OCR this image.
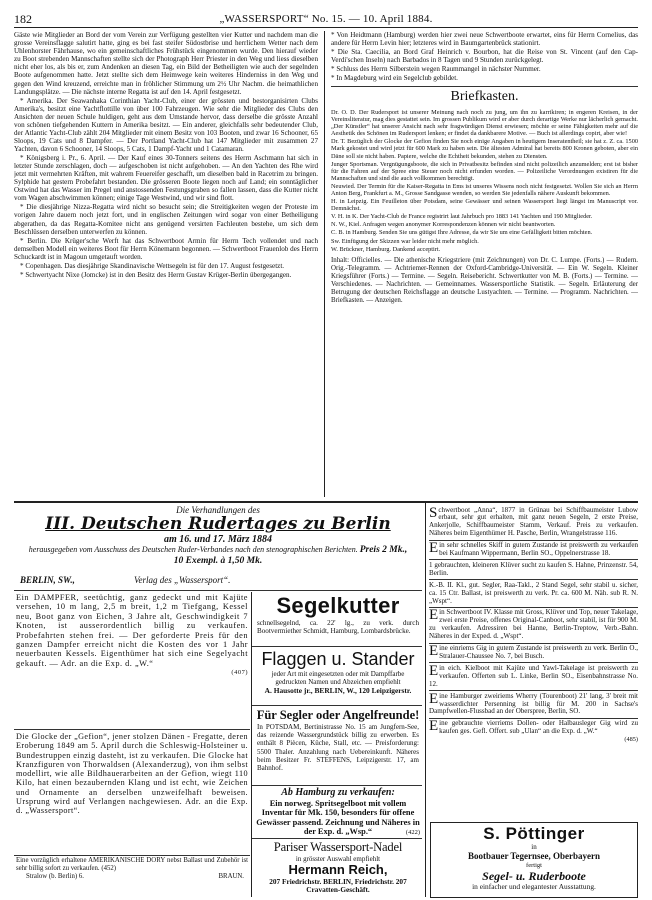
182	„WASSERSPORT“ No. 15. — 10. April 1884.

Gäste wie Mitglieder an Bord der vom Verein zur Verfügung gestellten vier Kutter und nachdem man die grosse Vereinsflagge salutirt hatte, ging es bei fast steifer Südostbrise und herrlichem Wetter nach dem Uhlenhorster Fährhause, wo ein gemeinschaftliches Frühstück eingenommen wurde. Den hierauf wieder zu Boot strebenden Mannschaften stellte sich der Photograph Herr Priester in den Weg und liess dieselben nicht eher los, als bis er, zum Andenken an diesen Tag, ein Bild der Betheiligten wie auch der segelnden Boote aufgenommen hatte. Jetzt stellte sich dem Heimwege kein weiteres Hinderniss in den Weg und gegen den Wind kreuzend, erreichte man in fröhlicher Stimmung um 2½ Uhr Nachm. die heimathlichen Landungsplätze. — Die nächste interne Regatta ist auf den 14. April festgesetzt.

* Amerika. Der Seawanhaka Corinthian Yacht-Club, einer der grössten und bestorganisirten Clubs Amerika's, besitzt eine Yachtflottille von über 100 Fahrzeugen. Wie sehr die Mitglieder des Clubs den Ansichten der neuen Schule huldigen, geht aus dem Umstande hervor, dass derselbe die grösste Anzahl von schönen tiefgehenden Kuttern in Amerika besitzt. — Ein anderer, gleichfalls sehr bedeutender Club, der Atlantic Yacht-Club zählt 204 Mitglieder mit einem Besitz von 103 Booten, und zwar 16 Schooner, 65 Sloops, 19 Cats und 8 Dampfer. — Der Portland Yacht-Club hat 147 Mitglieder mit zusammen 27 Yachten, davon 6 Schooner, 14 Sloops, 5 Cats, 1 Dampf-Yacht und 1 Catamaran.

* Königsberg i. Pr., 6. April. — Der Kauf eines 30-Tonners seitens des Herrn Aschmann hat sich in letzter Stunde zerschlagen, doch — aufgeschoben ist nicht aufgehoben. — An den Yachten des Rhe wird jetzt mit vermehrten Kräften, mit wahrem Feuereifer geschafft, um dieselben bald in Racetrim zu bringen. Sylphide hat gestern Probefahrt bestanden. Die grösseren Boote liegen noch auf Land; ein sonntäglicher Ostwind hat das Wasser im Pregel und anstossenden Festungsgraben so fallen lassen, dass die Kutter nicht vom Wagen abschwimmen können; einige Tage Westwind, und wir sind flott.

* Die diesjährige Nizza-Regatta wird nicht so besucht sein; die Streitigkeiten wegen der Proteste im vorigen Jahre dauern noch jetzt fort, und in englischen Zeitungen wird sogar von einer Betheiligung abgerathen, da das Regatta-Komitee nicht ans genügend versirten Fachleuten bestehe, um sich dem Beschlüssen derselben unterwerfen zu können.

* Berlin. Die Krüger'sche Werft hat das Schwertboot Armin für Herrn Tech vollendet und nach demselben Modell ein weiteres Boot für Herrn Könemann begonnen. — Schwertboot Frauenlob des Herrn Schuckardt ist in Magoun umgetauft worden.

* Copenhagen. Das diesjährige Skandinavische Wettsegeln ist für den 17. August festgesetzt.

* Schwertyacht Nixe (Jomcke) ist in den Besitz des Herrn Gustav Krüger-Berlin übergegangen.

* Von Heidtmann (Hamburg) werden hier zwei neue Schwertboote erwartet, eins für Herrn Cornelius, das andere für Herrn Levin hier; letzteres wird in Baumgartenbrück stationirt.

* Die Sta. Caecilia, an Bord Graf Heinrich v. Bourbon, hat die Reise von St. Vincent (auf den Cap-Verdi'schen Inseln) nach Barbados in 8 Tagen und 9 Stunden zurückgelegt.

* Schluss des Herrn Silberstein wegen Raummangel in nächster Nummer.

* In Magdeburg wird ein Segelclub gebildet.

Briefkasten.

Dr. O. D. Der Rudersport ist unserer Meinung nach noch zu jung, um ihn zu karrikiren; in engeren Kreisen, in der Vereinsliteratur, mag dies gestattet sein. Im grossen Publikum wird er aber durch derartige Werke nur lächerlich gemacht. „Der Künstler“ hat unserer Ansicht nach sehr fragwürdigen Dienst erwiesen; möchte er seine Fähigkeiten mehr auf die Aesthetik des Schönen im Rudersport lenken; er findet da dankbarere Motive. — Buch ist allerdings copirt, aber wie!

Dr. T. Bezüglich der Glocke der Gefion finden Sie noch einige Angaben in heutigem Inseratentheil; sie hat z. Z. ca. 1500 Mark gekostet und wird jetzt für 600 Mark zu haben sein. Die ältesten Admiral hat bereits 800 Kronen geboten, aber ein Däne soll sie nicht haben. Papiere, welche die Echtheit bekunden, stehen zu Diensten.

Junger Sportsman. Vergnügungsboote, die sich in Privatbesitz befinden sind nicht polizeilich anzumelden; erst ist bisher für die Fahren auf der Spree eine Steuer noch nicht erfunden worden. — Polizeiliche Verordnungen existiren für die Mannschaften und sind die auch vollkommen berechtigt.

Neuwied. Der Termin für die Kaiser-Regatta in Ems ist unseres Wissens noch nicht festgesetzt. Wollen Sie sich an Herrn Anton Berg, Frankfurt a. M., Grosse Sandgasse wenden, so werden Sie jedenfalls nähere Auskunft bekommen.

H. in Leipzig. Ein Feuilleton über Potsdam, seine Gewässer und seinen Wassersport liegt längst im Manuscript vor. Demnächst.

V. H. in K. Der Yacht-Club de France registrirt laut Jahrbuch pro 1883 141 Yachten und 190 Mitglieder.

N. W., Kiel. Anfragen wegen anonymer Korrespondenzen können wir nicht beantworten.

C. B. in Hamburg. Senden Sie uns gütigst Ihre Adresse, da wir Sie um eine Gefälligkeit bitten möchten.

Sw. Einfügung der Skizzen war leider nicht mehr möglich.

W. Brückner, Hamburg. Dankend acceptirt.

Inhalt: Officielles. — Die athenische Kriegstriere (mit Zeichnungen) von Dr. C. Lumpe. (Forts.) — Rudern. Orig.-Telegramm. — Achtriemer-Rennen der Oxford-Cambridge-Universität. — Ein W. Segeln. Kleiner Kriegsführer (Forts.) — Termine. — Segeln. Reisebericht. Schwertkutter von M. B. (Forts.) — Termine. — Verschiedenes. — Nachrichten. — Gemeinnames. Wassersportliche Statistik. — Segeln. Erläuterung der Betrugung der deutschen Reichsflagge an deutsche Lustyachten. — Termine. — Programm. Nachrichten. — Briefkasten. — Anzeigen.
Die Verhandlungen des
III. Deutschen Rudertages zu Berlin
am 16. und 17. März 1884
herausgegeben vom Ausschuss des Deutschen Ruder-Verbandes nach den stenographischen Berichten. Preis 2 Mk., 10 Exempl. à 1,50 Mk.
BERLIN, SW.,	Verlag des „Wassersport“.

Ein DAMPFER, seetüchtig, ganz gedeckt und mit Kajüte versehen, 10 m lang, 2,5 m breit, 1,2 m Tiefgang, Kessel neu, Boot ganz von Eichen, 3 Jahre alt, Geschwindigkeit 7 Knoten, ist ausserordentlich billig zu verkaufen. Probefahrten stehen frei. — Der geforderte Preis für den ganzen Dampfer erreicht nicht die Kosten des vor 1 Jahr neuerbauten Kessels. Eigenthümer hat sich eine Segelyacht gekauft. — Adr. an die Exp. d. „W.“

(407)

Die Glocke der „Gefion“, jener stolzen Dänen - Fregatte, deren Eroberung 1849 am 5. April durch die Schleswig-Holsteiner u. Bundestruppen einzig dasteht, ist zu verkaufen. Die Glocke hat Kranzfiguren von Thorwaldsen (Alexanderzug), von ihm selbst modellirt, wie alle Bildhauerarbeiten an der Gefion, wiegt 110 Kilo, hat einen bezaubernden Klang und ist echt, wie Zeichen und Ornamente an derselben unzweifelhaft beweisen. Ursprung wird auf Verlangen nachgewiesen. Adr. an die Exp. d. „Wassersport“.

Eine vorzüglich erhaltene AMERIKANISCHE DORY nebst Ballast und Zubehör ist sehr billig sofort zu verkaufen. (452)

Stralow (b. Berlin) 6.	BRAUN.
Segelkutter
schnellsegelnd, ca. 22' lg., zu verk. durch Bootvermiether Schmidt, Hamburg, Lombardsbrücke.
Flaggen u. Stander
jeder Art mit eingesetzten oder mit Dampffarbe gedruckten Namen und Abzeichen empfiehlt
A. Hausotte jr., BERLIN, W., 120 Leipzigerstr.
Für Segler oder Angelfreunde!
In POTSDAM, Bertinistrasse No. 15 am Jungfern-See, das reizende Wassergrundstück billig zu erwerben. Es enthält 8 Piècen, Küche, Stall, etc. — Preisforderung: 5500 Thaler. Anzahlung nach Uebereinkunft. Näheres beim Besitzer Fr. STEFFENS, Leipzigerstr. 17, am Bahnhof.
Ab Hamburg zu verkaufen:
Ein norweg. Spritsegelboot mit vollem Inventar für Mk. 150, besonders für offene Gewässer passend. Zeichnung und Näheres in der Exp. d. „Wsp.“	(422)
Pariser Wassersport-Nadel
in grösster Auswahl empfiehlt
Hermann Reich,
207 Friedrichstr. BERLIN, Friedrichstr. 207
Cravatten-Geschäft.
Schwertboot „Anna“, 1877 in Grünau bei Schiffbaumeister Lubow erbaut, sehr gut erhalten, mit ganz neuen Segeln, 2 erste Preise, Ankerjolle, Schiffbaumeister Stamm, Verkauf. Preis zu verkaufen. Näheres beim Eigenthümer H. Pasche, Berlin, Wrangelstrasse 116.
Ein sehr schnelles Skiff in gutem Zustande ist preiswerth zu verkaufen bei Kaufmann Wippermann, Berlin SO., Oppelnerstrasse 18.
1 gebrauchten, kleineren Klüver sucht zu kaufen S. Hahne, Prinzenstr. 54, Berlin.
K.-B. II. Kl., gut. Segler, Raa-Takl., 2 Stand Segel, sehr stabil u. sicher, ca. 15 Ctr. Ballast, ist preiswerth zu verk. Pr. ca. 600 M. Näh. sub R. N. „Wspt“.
Ein Schwertboot IV. Klasse mit Gross, Klüver und Top, neuer Takelage, zwei erste Preise, offenes Original-Canboot, sehr stabil, ist für 900 M. zu verkaufen. Adressiren bei Hanne, Berlin-Treptow, Verb.-Bahn. Näheres in der Exped. d. „Wspt“.
Eine einriems Gig in gutem Zustande ist preiswerth zu verk. Berlin O., Stralauer-Chaussee No. 7, bei Busch.
Ein eich. Kielboot mit Kajüte und Yawl-Takelage ist preiswerth zu verkaufen. Offerten sub L. Linke, Berlin SO., Eisenbahnstrasse No. 12.
Eine Hamburger zweiriems Wherry (Tourenboot) 21' lang, 3' breit mit wasserdichter Persenning ist billig für M. 200 in Sachse's Dampfwellen-Flussbad an der Oberspree, Berlin, SO.
Eine gebrauchte vierriems Dollen- oder Halbausleger Gig wird zu kaufen ges. Gefl. Offert. sub „Ulan“ an die Exp. d. „W.“
(485)
S. Pöttinger
in
Bootbauer Tegernsee, Oberbayern
fertigt
Segel- u. Ruderboote
in einfacher und elegantester Ausstattung.
